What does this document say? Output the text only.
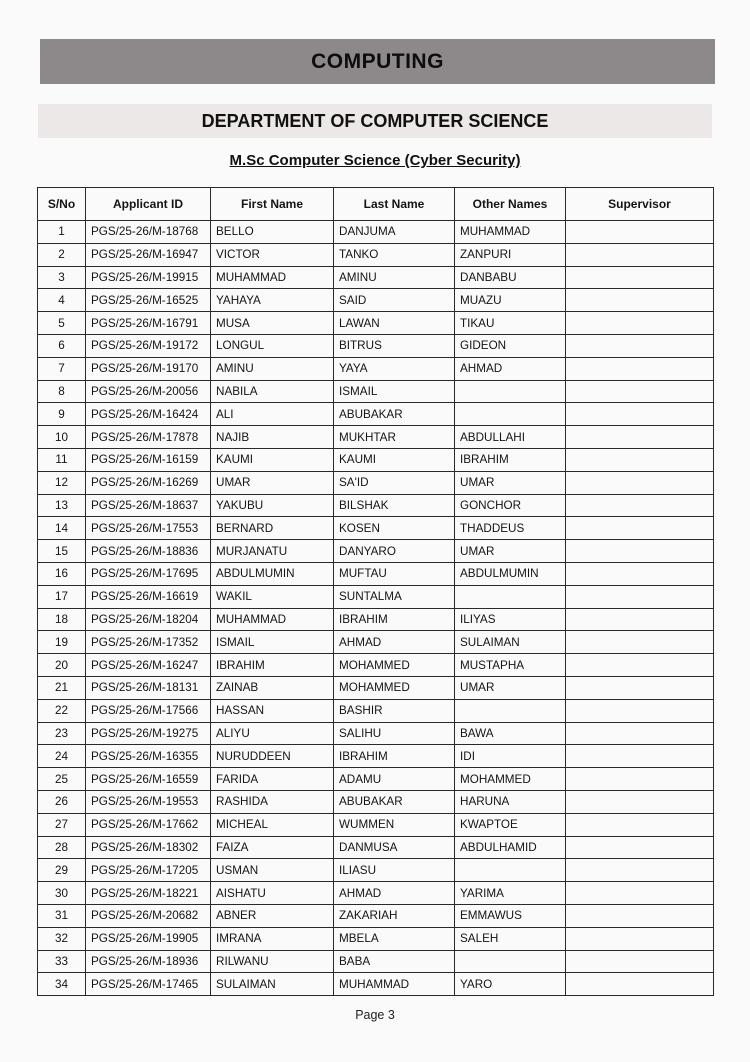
COMPUTING
DEPARTMENT OF COMPUTER SCIENCE
M.Sc Computer Science (Cyber Security)
S/No	Applicant ID	First Name	Last Name	Other Names	Supervisor
1	PGS/25-26/M-18768	BELLO	DANJUMA	MUHAMMAD	
2	PGS/25-26/M-16947	VICTOR	TANKO	ZANPURI	
3	PGS/25-26/M-19915	MUHAMMAD	AMINU	DANBABU	
4	PGS/25-26/M-16525	YAHAYA	SAID	MUAZU	
5	PGS/25-26/M-16791	MUSA	LAWAN	TIKAU	
6	PGS/25-26/M-19172	LONGUL	BITRUS	GIDEON	
7	PGS/25-26/M-19170	AMINU	YAYA	AHMAD	
8	PGS/25-26/M-20056	NABILA	ISMAIL		
9	PGS/25-26/M-16424	ALI	ABUBAKAR		
10	PGS/25-26/M-17878	NAJIB	MUKHTAR	ABDULLAHI	
11	PGS/25-26/M-16159	KAUMI	KAUMI	IBRAHIM	
12	PGS/25-26/M-16269	UMAR	SA'ID	UMAR	
13	PGS/25-26/M-18637	YAKUBU	BILSHAK	GONCHOR	
14	PGS/25-26/M-17553	BERNARD	KOSEN	THADDEUS	
15	PGS/25-26/M-18836	MURJANATU	DANYARO	UMAR	
16	PGS/25-26/M-17695	ABDULMUMIN	MUFTAU	ABDULMUMIN	
17	PGS/25-26/M-16619	WAKIL	SUNTALMA		
18	PGS/25-26/M-18204	MUHAMMAD	IBRAHIM	ILIYAS	
19	PGS/25-26/M-17352	ISMAIL	AHMAD	SULAIMAN	
20	PGS/25-26/M-16247	IBRAHIM	MOHAMMED	MUSTAPHA	
21	PGS/25-26/M-18131	ZAINAB	MOHAMMED	UMAR	
22	PGS/25-26/M-17566	HASSAN	BASHIR		
23	PGS/25-26/M-19275	ALIYU	SALIHU	BAWA	
24	PGS/25-26/M-16355	NURUDDEEN	IBRAHIM	IDI	
25	PGS/25-26/M-16559	FARIDA	ADAMU	MOHAMMED	
26	PGS/25-26/M-19553	RASHIDA	ABUBAKAR	HARUNA	
27	PGS/25-26/M-17662	MICHEAL	WUMMEN	KWAPTOE	
28	PGS/25-26/M-18302	FAIZA	DANMUSA	ABDULHAMID	
29	PGS/25-26/M-17205	USMAN	ILIASU		
30	PGS/25-26/M-18221	AISHATU	AHMAD	YARIMA	
31	PGS/25-26/M-20682	ABNER	ZAKARIAH	EMMAWUS	
32	PGS/25-26/M-19905	IMRANA	MBELA	SALEH	
33	PGS/25-26/M-18936	RILWANU	BABA		
34	PGS/25-26/M-17465	SULAIMAN	MUHAMMAD	YARO	
Page 3
